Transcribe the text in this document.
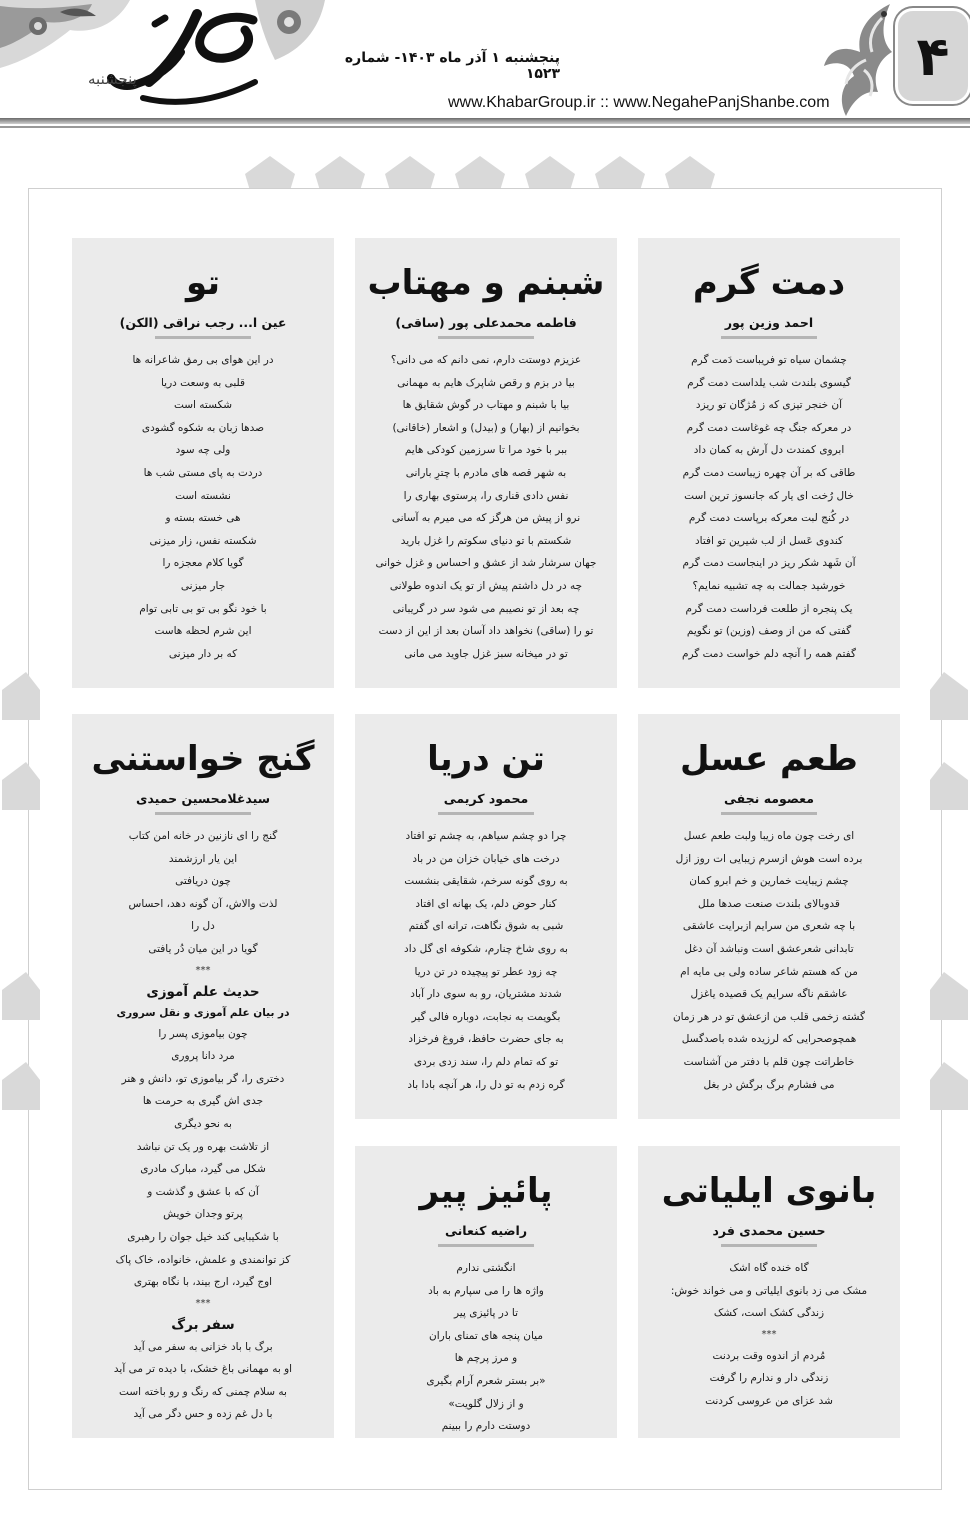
پنجشنبه
پنجشنبه ۱ آذر ماه ۱۴۰۳- شماره ۱۵۲۳
www.KhabarGroup.ir :: www.NegahePanjShanbe.com
۴
دمت گرم
احمد وزین پور
چشمان سیاه تو فریباست دَمت گرم
گیسوی بلندت شب یلداست دمت گرم
آن خنجر تیزی که ز مُژگان تو ریزد
در معرکه جنگ چه غوغاست دمت گرم
ابروی کمندت دل آرش به کمان داد
طاقی که بر آن چهره زیباست دمت گرم
خال رُخت ای یار که جانسوز ترین است
در کُنج لبت معرکه برپاست دمت گرم
کندوی عَسل از لب شیرین تو افتاد
آن شَهد شکر ریز در اینجاست دمت گرم
خورشید جمالت به چه تشبیه نمایم؟
یک پنجره از طلعت فرداست دمت گرم
گفتی که من از وصف (وزین) تو نگویم
گفتم همه را آنچه دلم خواست دمت گرم
شبنم و مهتاب
فاطمه محمدعلی پور (ساقی)
عزیزم دوستت دارم، نمی دانم که می دانی؟
بیا در بزم و رقص شاپرک هایم به مهمانی
بیا با شبنم و مهتاب در گوش شقایق ها
بخوانیم از (بهار) و (بیدل) و اشعار (خاقانی)
ببر با خود مرا تا سرزمین کودکی هایم
به شهر قصه های مادرم با چترِ بارانی
نفس دادی قناری را، پرستوی بهاری را
نرو از پیش من هرگز که می میرم به آسانی
شکستم با تو دنیای سکوتم را غزل بارید
جهان سرشار شد از عشق و احساس و غزل خوانی
چه در دل داشتم پیش از تو یک اندوه طولانی
چه بعد از تو نصیبم می شود سر در گریبانی
تو را (ساقی) نخواهد داد آسان بعد از این از دست
تو در میخانه سبز غزل جاوید می مانی
تو
عین ا... رجب نراقی (الکن)
در این هوای بی رمق شاعرانه ها
قلبی به وسعت دریا
شکسته است
صدها زبان به شکوه گشودی
ولی چه سود
دردت به پای مستی شب ها
نشسته است
هی خسته بسته و
شکسته نفس، زار میزنی
گویا کلام معجزه را
جار میزنی
با خود نگو بی تو بی تابی توام
این شرم لحظه هاست
که بر دار میزنی
طعم عسل
معصومه نجفی
ای رخت چون ماه زیبا ولبت طعم عسل
برده است هوش ازسرم زیبایی ات روز ازل
چشم زیبایت خمارین و خم ابرو کمان
قدوبالای بلندت صنعت صدها ملل
با چه شعری من سرایم ازبرایت عاشقی
تابدانی شعرعشق است ونباشد آن دغل
من که هستم شاعر ساده ولی بی مایه ام
عاشقم ناگه سرایم یک قصیده یاغزل
گشته زخمی قلب من ازعشق تو در هر زمان
همچوصحرایی که لرزیده شده باصدگسل
خاطراتت چون قلم با دفتر من آشناست
می فشارم برگ برگش در بغل
تن دریا
محمود کریمی
چرا دو چشم سیاهم، به چشم تو افتاد
درخت های خیابان خزان من در باد
به روی گونه سرخم، شقایقی بنشست
کنار حوض دلم، یک بهانه ای افتاد
شبی به شوق نگاهت، ترانه ای گفتم
به روی شاخ چنارم، شکوفه ای گل داد
چه زود عطر تو پیچیده در تن دریا
شدند مشتریان، رو به سوی دار آباد
بگویمت به نجابت، دوباره فالی گیر
به جای حضرت حافظ، فروغ فرخزاد
تو که تمام دلم را، سند زدی بردی
گره زدم به تو دل را، هر آنچه بادا باد
گنج خواستنی
سیدغلامحسین حمیدی
گنج را ای نازنین در خانه امن کتاب
این یار ارزشمند
چون دریافتی
لذت والاش، آن گونه دهد، احساس
دل را
گویا در این میان دُر یافتی
***
حدیث علم آموزی
در بیان علم آموزی و نقل سروری
چون بیاموزی پسر را
مرد دانا پروری
دختری را، گر بیاموزی تو، دانش و هنر
جدی اش گیری به حرمت ها
به نحو دیگری
از تلاشت بهره ور یک تن نباشد
شکل می گیرد، مبارک مادری
آن که با عشق و گذشت و
پرتو وجدان خویش
با شکیبایی کند خیل جوان را رهبری
کز توانمندی و علمش، خانواده، خاک پاک
اوج گیرد، ارج بیند، با نگاه بهتری
***
سفر برگ
برگ با باد خزانی به سفر می آید
او به مهمانی باغ خشک، با دیده تر می آید
به سلام چمنی که رنگ و رو باخته است
با دل غم زده و حس دگر می آید
بانوی ایلیاتی
حسین محمدی فرد
گاه خنده گاه اشک
مشک می زد بانوی ایلیاتی و می خواند خوش:
زندگی کشک است، کشک
***
مُردم از اندوه وقت بردنت
زندگی دار و ندارم را گرفت
شد عزای من عروسی کردنت
پائیز پیر
راضیه کنعانی
انگشتی ندارم
واژه ها را می سپارم به باد
تا در پائیزی پیر
میان پنجه های تمنای باران
و مرز پرچم ها
«بر بستر شعرم آرام بگیری
و از زلال گلویت»
دوستت دارم را ببینم
